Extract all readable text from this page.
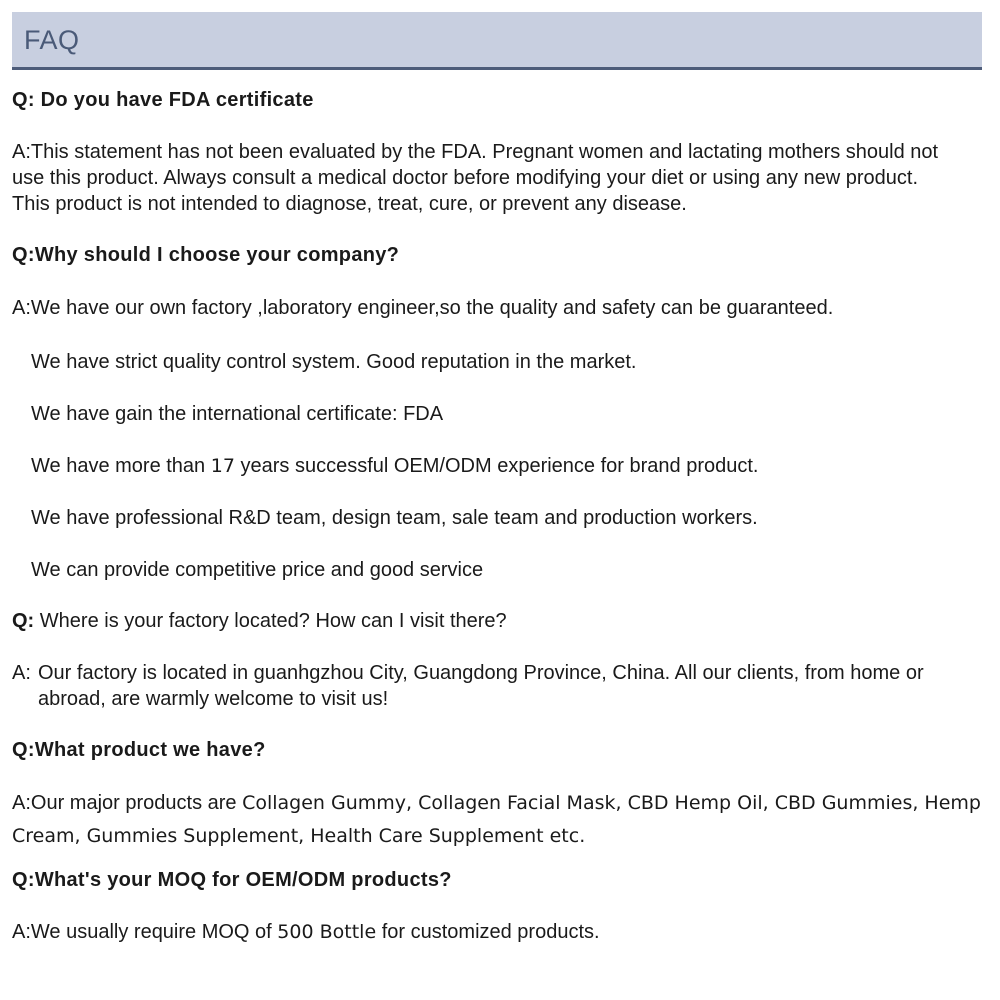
FAQ
Q: Do you have FDA certificate
A:This statement has not been evaluated by the FDA. Pregnant women and lactating mothers should not
use this product. Always consult a medical doctor before modifying your diet or using any new product.
This product is not intended to diagnose, treat, cure, or prevent any disease.
Q:Why should I choose your company?
A:We have our own factory ,laboratory engineer,so the quality and safety can be guaranteed.
We have strict quality control system. Good reputation in the market.
We have gain the international certificate: FDA
We have more than 17 years successful OEM/ODM experience for brand product.
We have professional R&D team, design team, sale team and production workers.
We can provide competitive price and good service
Q: Where is your factory located? How can I visit there?
A: Our factory is located in guanhgzhou City, Guangdong Province, China. All our clients, from home or
abroad, are warmly welcome to visit us!
Q:What product we have?
A:Our major products are Collagen Gummy, Collagen Facial Mask, CBD Hemp Oil, CBD Gummies, Hemp
Cream, Gummies Supplement, Health Care Supplement etc.
Q:What's your MOQ for OEM/ODM products?
A:We usually require MOQ of 500 Bottle for customized products.
